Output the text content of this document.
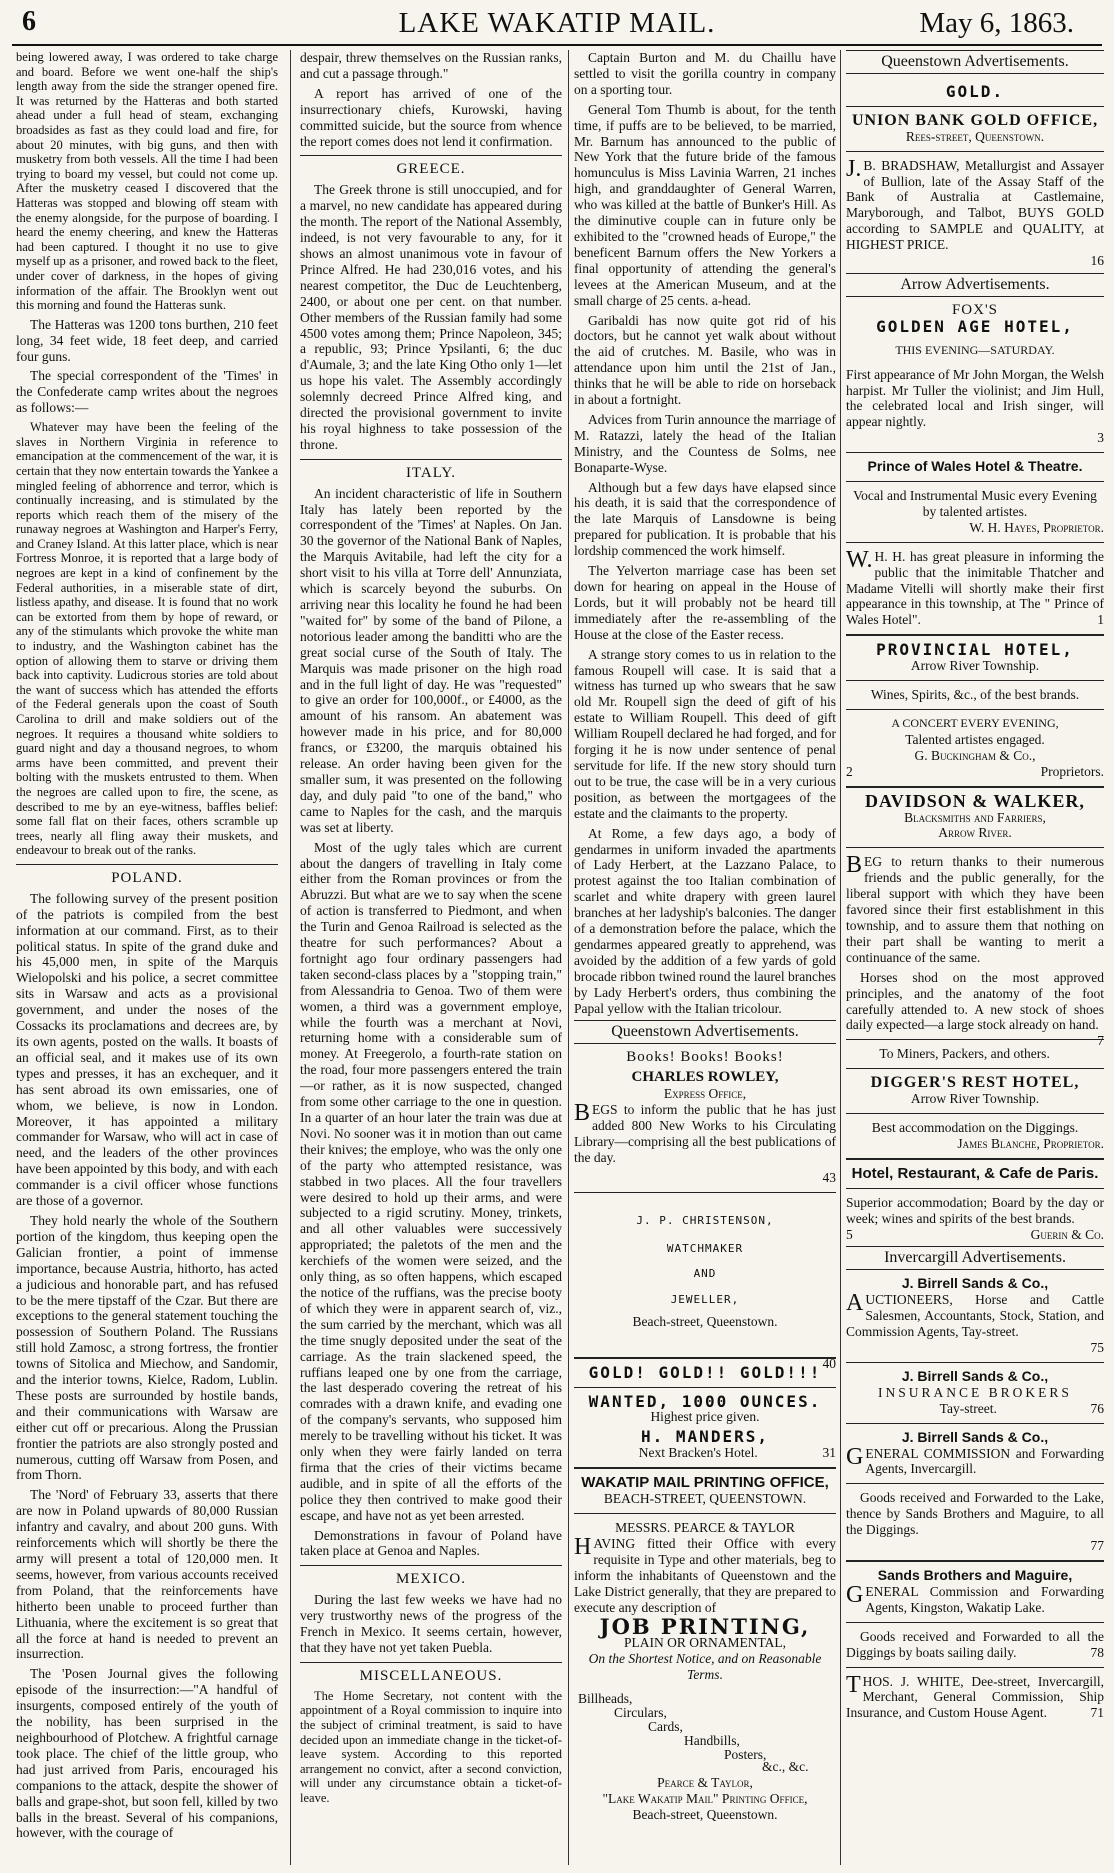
6	LAKE WAKATIP MAIL.	May 6, 1863.

being lowered away, I was ordered to take charge and board. Before we went one-half the ship's length away from the side the stranger opened fire. It was returned by the Hatteras and both started ahead under a full head of steam, exchanging broadsides as fast as they could load and fire, for about 20 minutes, with big guns, and then with musketry from both vessels. All the time I had been trying to board my vessel, but could not come up. After the musketry ceased I discovered that the Hatteras was stopped and blowing off steam with the enemy alongside, for the purpose of boarding. I heard the enemy cheering, and knew the Hatteras had been captured. I thought it no use to give myself up as a prisoner, and rowed back to the fleet, under cover of darkness, in the hopes of giving information of the affair. The Brooklyn went out this morning and found the Hatteras sunk.

The Hatteras was 1200 tons burthen, 210 feet long, 34 feet wide, 18 feet deep, and carried four guns.

The special correspondent of the 'Times' in the Confederate camp writes about the negroes as follows:—

Whatever may have been the feeling of the slaves in Northern Virginia in reference to emancipation at the commencement of the war, it is certain that they now entertain towards the Yankee a mingled feeling of abhorrence and terror, which is continually increasing, and is stimulated by the reports which reach them of the misery of the runaway negroes at Washington and Harper's Ferry, and Craney Island. At this latter place, which is near Fortress Monroe, it is reported that a large body of negroes are kept in a kind of confinement by the Federal authorities, in a miserable state of dirt, listless apathy, and disease. It is found that no work can be extorted from them by hope of reward, or any of the stimulants which provoke the white man to industry, and the Washington cabinet has the option of allowing them to starve or driving them back into captivity. Ludicrous stories are told about the want of success which has attended the efforts of the Federal generals upon the coast of South Carolina to drill and make soldiers out of the negroes. It requires a thousand white soldiers to guard night and day a thousand negroes, to whom arms have been committed, and prevent their bolting with the muskets entrusted to them. When the negroes are called upon to fire, the scene, as described to me by an eye-witness, baffles belief: some fall flat on their faces, others scramble up trees, nearly all fling away their muskets, and endeavour to break out of the ranks.

POLAND.

The following survey of the present position of the patriots is compiled from the best information at our command. First, as to their political status. In spite of the grand duke and his 45,000 men, in spite of the Marquis Wielopolski and his police, a secret committee sits in Warsaw and acts as a provisional government, and under the noses of the Cossacks its proclamations and decrees are, by its own agents, posted on the walls. It boasts of an official seal, and it makes use of its own types and presses, it has an exchequer, and it has sent abroad its own emissaries, one of whom, we believe, is now in London. Moreover, it has appointed a military commander for Warsaw, who will act in case of need, and the leaders of the other provinces have been appointed by this body, and with each commander is a civil officer whose functions are those of a governor.

They hold nearly the whole of the Southern portion of the kingdom, thus keeping open the Galician frontier, a point of immense importance, because Austria, hithorto, has acted a judicious and honorable part, and has refused to be the mere tipstaff of the Czar. But there are exceptions to the general statement touching the possession of Southern Poland. The Russians still hold Zamosc, a strong fortress, the frontier towns of Sitolica and Miechow, and Sandomir, and the interior towns, Kielce, Radom, Lublin. These posts are surrounded by hostile bands, and their communications with Warsaw are either cut off or precarious. Along the Prussian frontier the patriots are also strongly posted and numerous, cutting off Warsaw from Posen, and from Thorn.

The 'Nord' of February 33, asserts that there are now in Poland upwards of 80,000 Russian infantry and cavalry, and about 200 guns. With reinforcements which will shortly be there the army will present a total of 120,000 men. It seems, however, from various accounts received from Poland, that the reinforcements have hitherto been unable to proceed further than Lithuania, where the excitement is so great that all the force at hand is needed to prevent an insurrection.

The 'Posen Journal gives the following episode of the insurrection:—"A handful of insurgents, composed entirely of the youth of the nobility, has been surprised in the neighbourhood of Plotchew. A frightful carnage took place. The chief of the little group, who had just arrived from Paris, encouraged his companions to the attack, despite the shower of balls and grape-shot, but soon fell, killed by two balls in the breast. Several of his companions, however, with the courage of

despair, threw themselves on the Russian ranks, and cut a passage through."

A report has arrived of one of the insurrectionary chiefs, Kurowski, having committed suicide, but the source from whence the report comes does not lend it confirmation.

GREECE.

The Greek throne is still unoccupied, and for a marvel, no new candidate has appeared during the month. The report of the National Assembly, indeed, is not very favourable to any, for it shows an almost unanimous vote in favour of Prince Alfred. He had 230,016 votes, and his nearest competitor, the Duc de Leuchtenberg, 2400, or about one per cent. on that number. Other members of the Russian family had some 4500 votes among them; Prince Napoleon, 345; a republic, 93; Prince Ypsilanti, 6; the duc d'Aumale, 3; and the late King Otho only 1—let us hope his valet. The Assembly accordingly solemnly decreed Prince Alfred king, and directed the provisional government to invite his royal highness to take possession of the throne.

ITALY.

An incident characteristic of life in Southern Italy has lately been reported by the correspondent of the 'Times' at Naples. On Jan. 30 the governor of the National Bank of Naples, the Marquis Avitabile, had left the city for a short visit to his villa at Torre dell' Annunziata, which is scarcely beyond the suburbs. On arriving near this locality he found he had been "waited for" by some of the band of Pilone, a notorious leader among the banditti who are the great social curse of the South of Italy. The Marquis was made prisoner on the high road and in the full light of day. He was "requested" to give an order for 100,000f., or £4000, as the amount of his ransom. An abatement was however made in his price, and for 80,000 francs, or £3200, the marquis obtained his release. An order having been given for the smaller sum, it was presented on the following day, and duly paid "to one of the band," who came to Naples for the cash, and the marquis was set at liberty.

Most of the ugly tales which are current about the dangers of travelling in Italy come either from the Roman provinces or from the Abruzzi. But what are we to say when the scene of action is transferred to Piedmont, and when the Turin and Genoa Railroad is selected as the theatre for such performances? About a fortnight ago four ordinary passengers had taken second-class places by a "stopping train," from Alessandria to Genoa. Two of them were women, a third was a government employe, while the fourth was a merchant at Novi, returning home with a considerable sum of money. At Freegerolo, a fourth-rate station on the road, four more passengers entered the train—or rather, as it is now suspected, changed from some other carriage to the one in question. In a quarter of an hour later the train was due at Novi. No sooner was it in motion than out came their knives; the employe, who was the only one of the party who attempted resistance, was stabbed in two places. All the four travellers were desired to hold up their arms, and were subjected to a rigid scrutiny. Money, trinkets, and all other valuables were successively appropriated; the paletots of the men and the kerchiefs of the women were seized, and the only thing, as so often happens, which escaped the notice of the ruffians, was the precise booty of which they were in apparent search of, viz., the sum carried by the merchant, which was all the time snugly deposited under the seat of the carriage. As the train slackened speed, the ruffians leaped one by one from the carriage, the last desperado covering the retreat of his comrades with a drawn knife, and evading one of the company's servants, who supposed him merely to be travelling without his ticket. It was only when they were fairly landed on terra firma that the cries of their victims became audible, and in spite of all the efforts of the police they then contrived to make good their escape, and have not as yet been arrested.

Demonstrations in favour of Poland have taken place at Genoa and Naples.

MEXICO.

During the last few weeks we have had no very trustworthy news of the progress of the French in Mexico. It seems certain, however, that they have not yet taken Puebla.

MISCELLANEOUS.

The Home Secretary, not content with the appointment of a Royal commission to inquire into the subject of criminal treatment, is said to have decided upon an immediate change in the ticket-of-leave system. According to this reported arrangement no convict, after a second conviction, will under any circumstance obtain a ticket-of-leave.

Captain Burton and M. du Chaillu have settled to visit the gorilla country in company on a sporting tour.

General Tom Thumb is about, for the tenth time, if puffs are to be believed, to be married, Mr. Barnum has announced to the public of New York that the future bride of the famous homunculus is Miss Lavinia Warren, 21 inches high, and granddaughter of General Warren, who was killed at the battle of Bunker's Hill. As the diminutive couple can in future only be exhibited to the "crowned heads of Europe," the beneficent Barnum offers the New Yorkers a final opportunity of attending the general's levees at the American Museum, and at the small charge of 25 cents. a-head.

Garibaldi has now quite got rid of his doctors, but he cannot yet walk about without the aid of crutches. M. Basile, who was in attendance upon him until the 21st of Jan., thinks that he will be able to ride on horseback in about a fortnight.

Advices from Turin announce the marriage of M. Ratazzi, lately the head of the Italian Ministry, and the Countess de Solms, nee Bonaparte-Wyse.

Although but a few days have elapsed since his death, it is said that the correspondence of the late Marquis of Lansdowne is being prepared for publication. It is probable that his lordship commenced the work himself.

The Yelverton marriage case has been set down for hearing on appeal in the House of Lords, but it will probably not be heard till immediately after the re-assembling of the House at the close of the Easter recess.

A strange story comes to us in relation to the famous Roupell will case. It is said that a witness has turned up who swears that he saw old Mr. Roupell sign the deed of gift of his estate to William Roupell. This deed of gift William Roupell declared he had forged, and for forging it he is now under sentence of penal servitude for life. If the new story should turn out to be true, the case will be in a very curious position, as between the mortgagees of the estate and the claimants to the property.

At Rome, a few days ago, a body of gendarmes in uniform invaded the apartments of Lady Herbert, at the Lazzano Palace, to protest against the too Italian combination of scarlet and white drapery with green laurel branches at her ladyship's balconies. The danger of a demonstration before the palace, which the gendarmes appeared greatly to apprehend, was avoided by the addition of a few yards of gold brocade ribbon twined round the laurel branches by Lady Herbert's orders, thus combining the Papal yellow with the Italian tricolour.

Queenstown Advertisements.
Books! Books! Books!
CHARLES ROWLEY,
Express Office,

BEGS to inform the public that he has just added 800 New Works to his Circulating Library—comprising all the best publications of the day.

43
J. P. CHRISTENSON,
WATCHMAKER
AND
JEWELLER,
Beach-street, Queenstown.
40
GOLD! GOLD!! GOLD!!!
WANTED, 1000 OUNCES.
Highest price given.
H. MANDERS,
Next Bracken's Hotel.	31
WAKATIP MAIL PRINTING OFFICE,
BEACH-STREET, QUEENSTOWN.
MESSRS. PEARCE & TAYLOR

HAVING fitted their Office with every requisite in Type and other materials, beg to inform the inhabitants of Queenstown and the Lake District generally, that they are prepared to execute any description of

JOB PRINTING,
PLAIN OR ORNAMENTAL,
On the Shortest Notice, and on Reasonable Terms.
Billheads,
Circulars,
Cards,
Handbills,
Posters,
&c., &c.
Pearce & Taylor,
"Lake Wakatip Mail" Printing Office,
Beach-street, Queenstown.
Queenstown Advertisements.
GOLD.
UNION BANK GOLD OFFICE,
Rees-street, Queenstown.

J.B. BRADSHAW, Metallurgist and Assayer of Bullion, late of the Assay Staff of the Bank of Australia at Castlemaine, Maryborough, and Talbot, BUYS GOLD according to SAMPLE and QUALITY, at HIGHEST PRICE.

16
Arrow Advertisements.
FOX'S
GOLDEN AGE HOTEL,
THIS EVENING—SATURDAY.

First appearance of Mr John Morgan, the Welsh harpist. Mr Tuller the violinist; and Jim Hull, the celebrated local and Irish singer, will appear nightly.

3
Prince of Wales Hotel & Theatre.
Vocal and Instrumental Music every Evening by talented artistes.
W. H. Hayes, Proprietor.

W.H. H. has great pleasure in informing the public that the inimitable Thatcher and Madame Vitelli will shortly make their first appearance in this township, at The " Prince of Wales Hotel".	1

PROVINCIAL HOTEL,
Arrow River Township.
Wines, Spirits, &c., of the best brands.
A CONCERT EVERY EVENING,
Talented artistes engaged.
G. Buckingham & Co.,
2	Proprietors.
DAVIDSON & WALKER,
Blacksmiths and Farriers,
Arrow River.

BEG to return thanks to their numerous friends and the public generally, for the liberal support with which they have been favored since their first establishment in this township, and to assure them that nothing on their part shall be wanting to merit a continuance of the same.

Horses shod on the most approved principles, and the anatomy of the foot carefully attended to. A new stock of shoes daily expected—a large stock already on hand.
7

To Miners, Packers, and others.
DIGGER'S REST HOTEL,
Arrow River Township.
Best accommodation on the Diggings.
James Blanche, Proprietor.
Hotel, Restaurant, & Cafe de Paris.

Superior accommodation; Board by the day or week; wines and spirits of the best brands.

5	Guerin & Co.
Invercargill Advertisements.
J. Birrell Sands & Co.,

AUCTIONEERS, Horse and Cattle Salesmen, Accountants, Stock, Station, and Commission Agents, Tay-street.

75
J. Birrell Sands & Co.,
INSURANCE BROKERS
Tay-street.	76
J. Birrell Sands & Co.,

GENERAL COMMISSION and Forwarding Agents, Invercargill.

Goods received and Forwarded to the Lake, thence by Sands Brothers and Maguire, to all the Diggings.

77
Sands Brothers and Maguire,

GENERAL Commission and Forwarding Agents, Kingston, Wakatip Lake.

Goods received and Forwarded to all the Diggings by boats sailing daily.	78

THOS. J. WHITE, Dee-street, Invercargill, Merchant, General Commission, Ship Insurance, and Custom House Agent.	71
